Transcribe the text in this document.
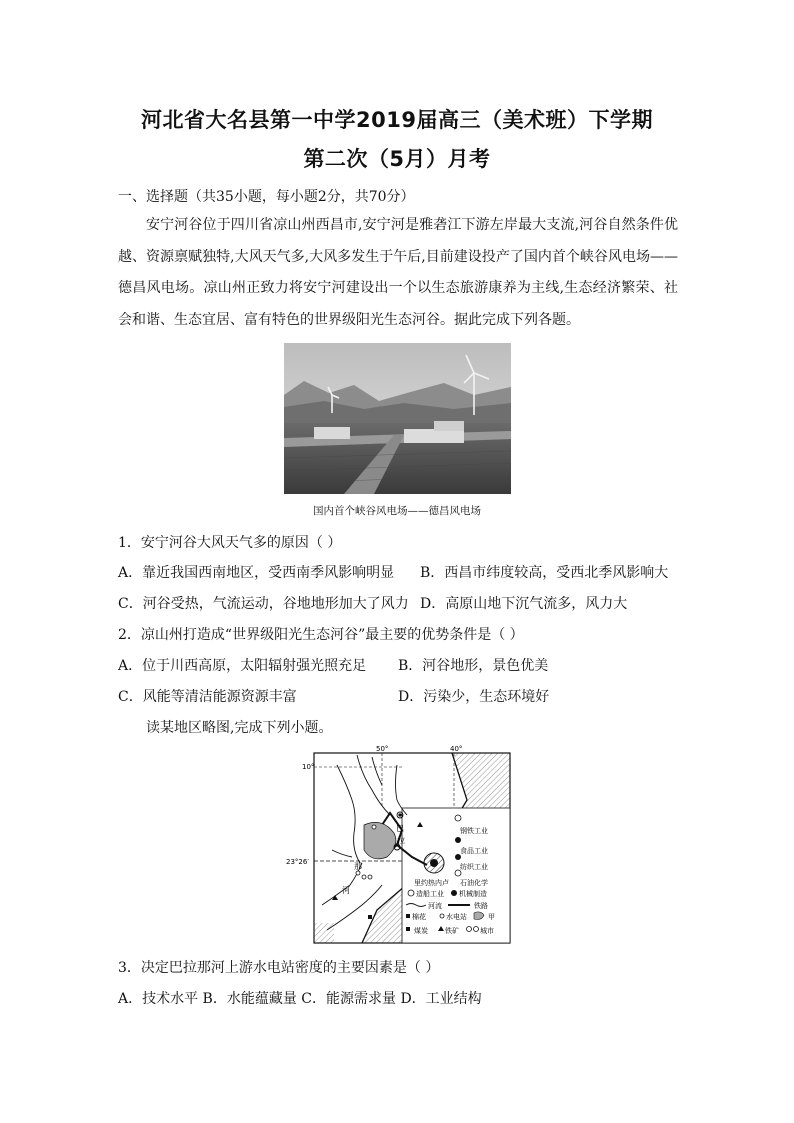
河北省大名县第一中学2019届高三（美术班）下学期
第二次（5月）月考
一、选择题（共35小题，每小题2分，共70分）
安宁河谷位于四川省凉山州西昌市,安宁河是雅砻江下游左岸最大支流,河谷自然条件优越、资源禀赋独特,大风天气多,大风多发生于午后,目前建设投产了国内首个峡谷风电场——德昌风电场。凉山州正致力将安宁河建设出一个以生态旅游康养为主线,生态经济繁荣、社会和谐、生态宜居、富有特色的世界级阳光生态河谷。据此完成下列各题。
国内首个峡谷风电场——德昌风电场
1．安宁河谷大风天气多的原因（ ）
A．靠近我国西南地区，受西南季风影响明显 B．西昌市纬度较高，受西北季风影响大
C．河谷受热，气流运动，谷地地形加大了风力 D．高原山地下沉气流多，风力大
2．凉山州打造成“世界级阳光生态河谷”最主要的优势条件是（ ）
A．位于川西高原，太阳辐射强光照充足 B．河谷地形，景色优美
C．风能等清洁能源资源丰富	D．污染少，生态环境好
读某地区略图,完成下列小题。
50°	40°
10°
23°26′
巴
拉
那
河
里约热内卢
钢铁工业
食品工业
纺织工业
石油化学
造船工业 机械制造
河流	铁路
棉花	水电站	甲
煤炭 铁矿	城市
3．决定巴拉那河上游水电站密度的主要因素是（ ）
A．技术水平 B．水能蕴藏量 C．能源需求量 D．工业结构
